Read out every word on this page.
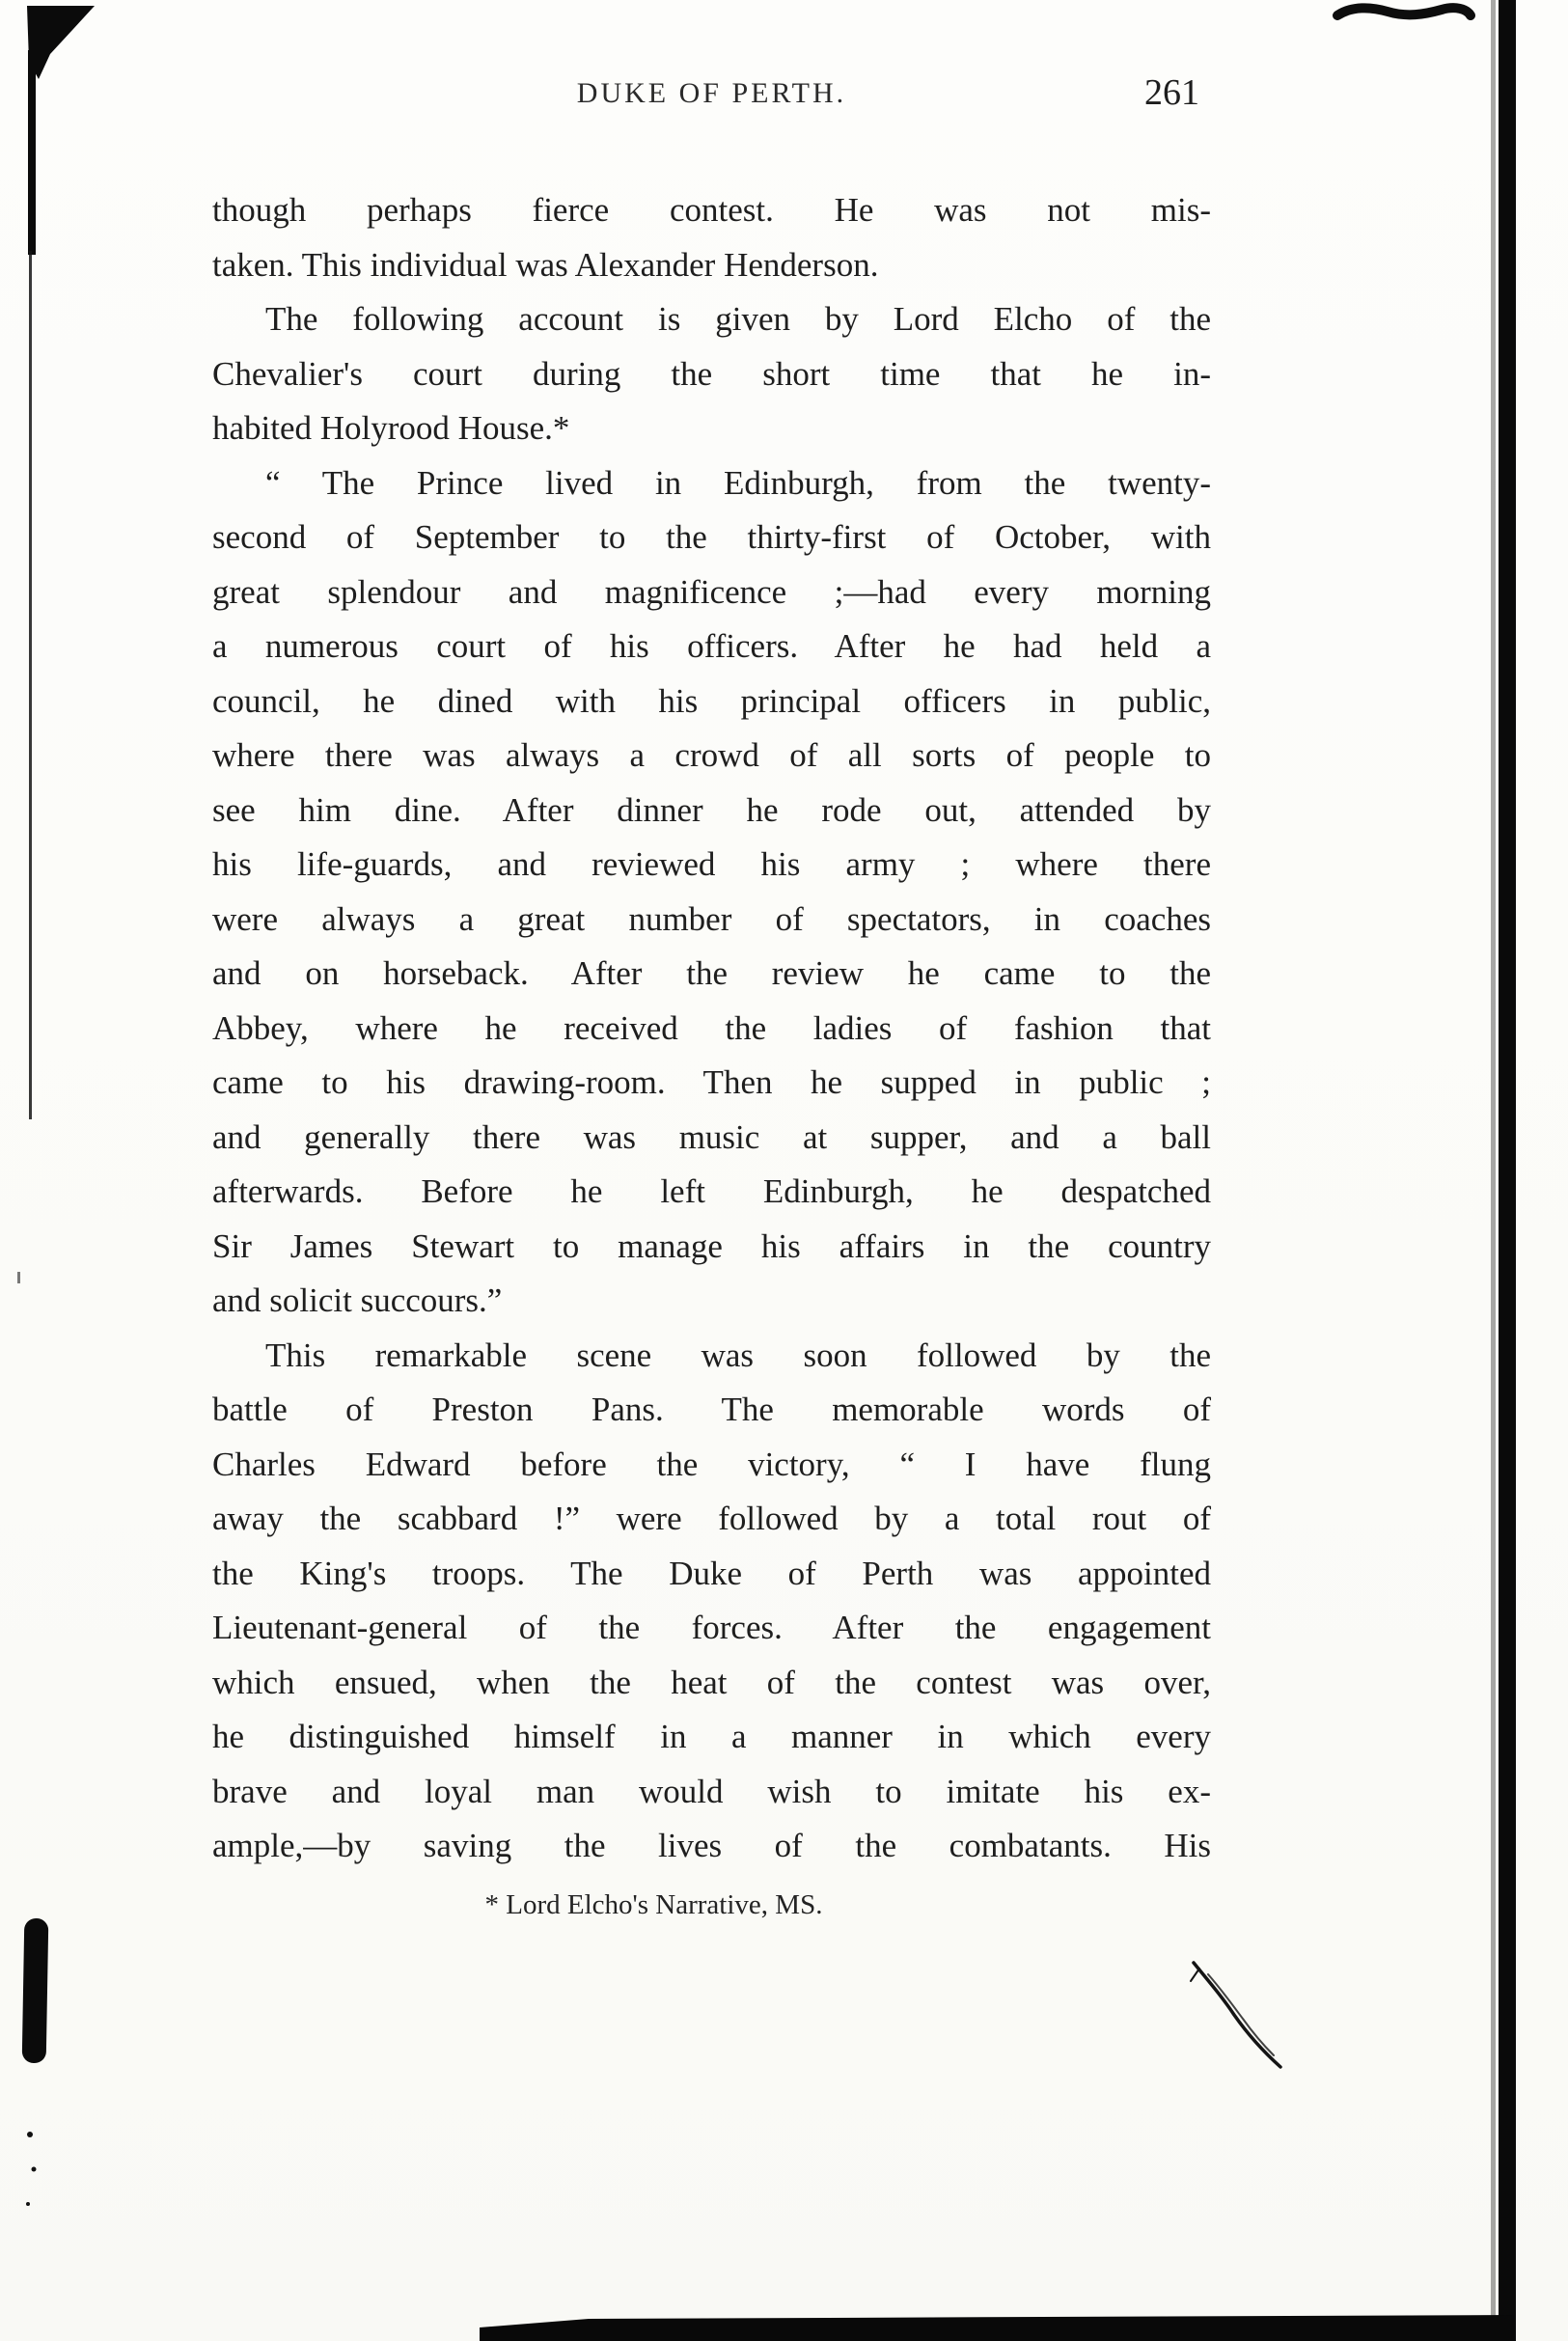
DUKE OF PERTH.	261
though perhaps fierce contest. He was not mis-
taken. This individual was Alexander Henderson.
The following account is given by Lord Elcho of the
Chevalier's court during the short time that he in-
habited Holyrood House.*
“ The Prince lived in Edinburgh, from the twenty-
second of September to the thirty-first of October, with
great splendour and magnificence ;—had every morning
a numerous court of his officers. After he had held a
council, he dined with his principal officers in public,
where there was always a crowd of all sorts of people to
see him dine. After dinner he rode out, attended by
his life-guards, and reviewed his army ; where there
were always a great number of spectators, in coaches
and on horseback. After the review he came to the
Abbey, where he received the ladies of fashion that
came to his drawing-room. Then he supped in public ;
and generally there was music at supper, and a ball
afterwards. Before he left Edinburgh, he despatched
Sir James Stewart to manage his affairs in the country
and solicit succours.”
This remarkable scene was soon followed by the
battle of Preston Pans. The memorable words of
Charles Edward before the victory, “ I have flung
away the scabbard !” were followed by a total rout of
the King's troops. The Duke of Perth was appointed
Lieutenant-general of the forces. After the engagement
which ensued, when the heat of the contest was over,
he distinguished himself in a manner in which every
brave and loyal man would wish to imitate his ex-
ample,—by saving the lives of the combatants. His
* Lord Elcho's Narrative, MS.
